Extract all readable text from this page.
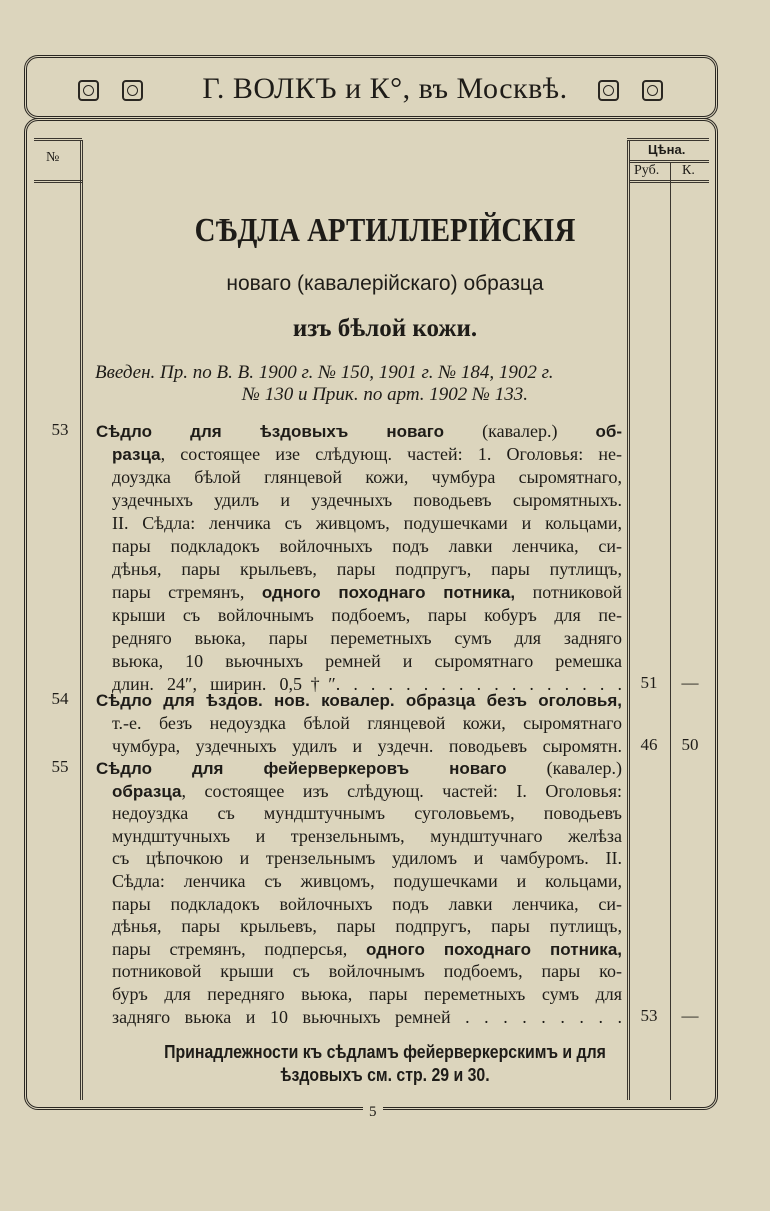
Г. ВОЛКЪ и К°, въ Москвѣ.
№
Цѣна.
Руб. К.
СѢДЛА АРТИЛЛЕРІЙСКІЯ
новаго (кавалерійскаго) образца
изъ бѣлой кожи.
Введен. Пр. по В. В. 1900 г. № 150, 1901 г. № 184, 1902 г.
№ 130 и Прик. по арт. 1902 № 133.
53	Сѣдло для ѣздовыхъ новаго (кавалер.) об-
разца, состоящее изе слѣдующ. частей: 1. Оголовья: не-
доуздка бѣлой глянцевой кожи, чумбура сыромятнаго,
уздечныхъ удилъ и уздечныхъ поводьевъ сыромятныхъ.
II. Сѣдла: ленчика съ живцомъ, подушечками и кольцами,
пары подкладокъ войлочныхъ подъ лавки ленчика, си-
дѣнья, пары крыльевъ, пары подпругъ, пары путлищъ,
пары стремянъ, одного походнаго потника, потниковой
крыши съ войлочнымъ подбоемъ, пары кобуръ для пе-
редняго вьюка, пары переметныхъ сумъ для задняго
вьюка, 10 вьючныхъ ремней и сыромятнаго ремешка
длин. 24″, ширин. 0,5†″. . . . . . . . . . . . . . . . .	51	—
54	Сѣдло для ѣздов. нов. ковалер. образца безъ оголовья,
т.-е. безъ недоуздка бѣлой глянцевой кожи, сыромятнаго
чумбура, уздечныхъ удилъ и уздечн. поводьевъ сыромятн.	46	50
55	Сѣдло для фейерверкеровъ новаго (кавалер.)
образца, состоящее изъ слѣдующ. частей: I. Оголовья:
недоуздка съ мундштучнымъ суголовьемъ, поводьевъ
мундштучныхъ и трензельнымъ, мундштучнаго желѣза
съ цѣпочкою и трензельнымъ удиломъ и чамбуромъ. II.
Сѣдла: ленчика съ живцомъ, подушечками и кольцами,
пары подкладокъ войлочныхъ подъ лавки ленчика, си-
дѣнья, пары крыльевъ, пары подпругъ, пары путлищъ,
пары стремянъ, подперсья, одного походнаго потника,
потниковой крыши съ войлочнымъ подбоемъ, пары ко-
буръ для передняго вьюка, пары переметныхъ сумъ для
задняго вьюка и 10 вьючныхъ ремней . . . . . . . . .	53	—
Принадлежности къ сѣдламъ фейерверкерскимъ и для
ѣздовыхъ см. стр. 29 и 30.
5
